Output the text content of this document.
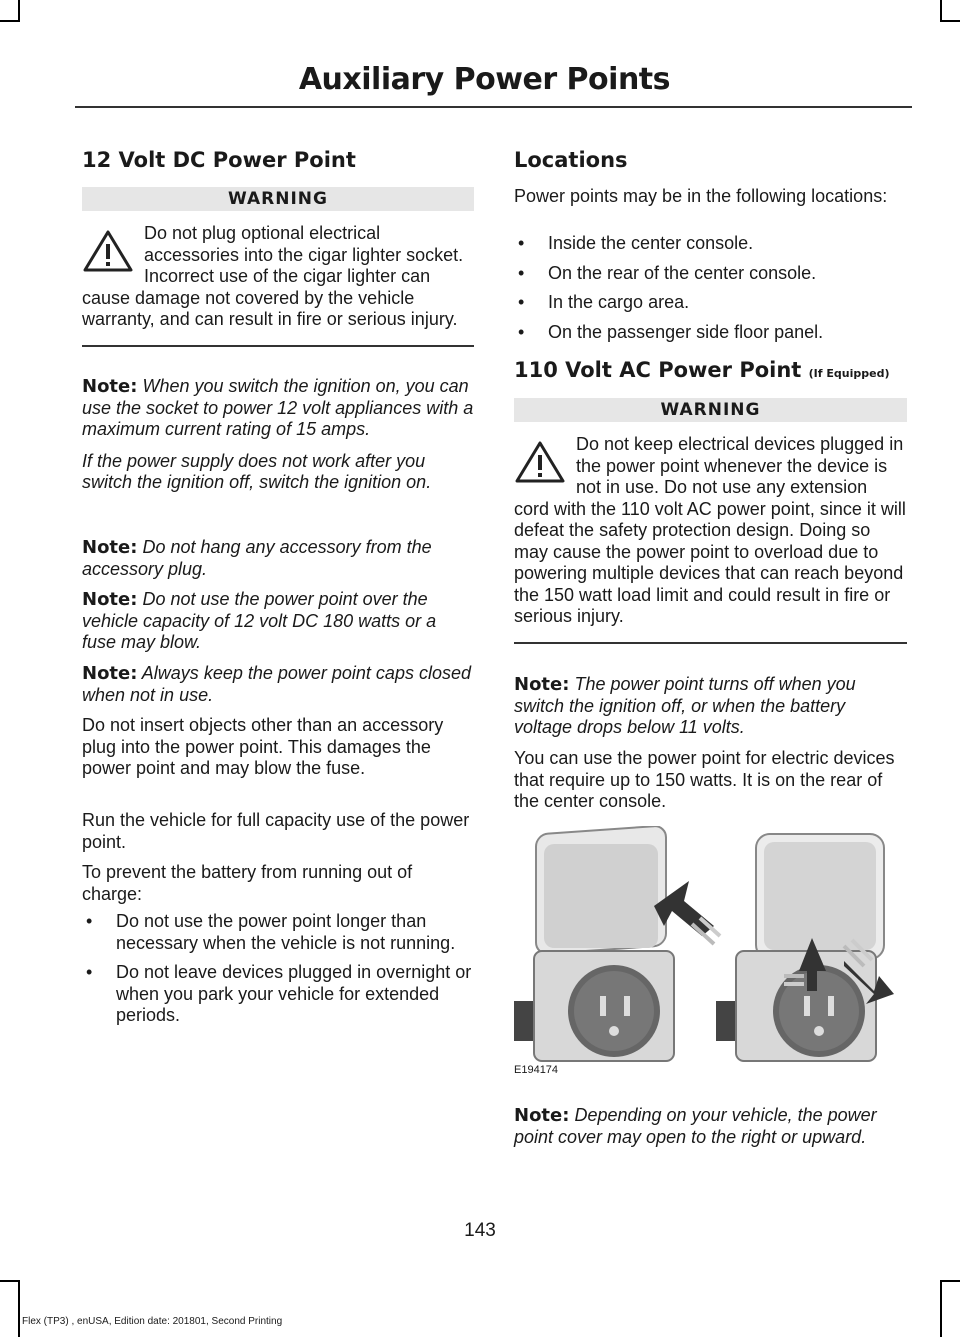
Auxiliary Power Points
12 Volt DC Power Point
WARNING
Do not plug optional electrical accessories into the cigar lighter socket. Incorrect use of the cigar lighter can cause damage not covered by the vehicle warranty, and can result in fire or serious injury.

Note: When you switch the ignition on, you can use the socket to power 12 volt appliances with a maximum current rating of 15 amps.

If the power supply does not work after you switch the ignition off, switch the ignition on.

Note: Do not hang any accessory from the accessory plug.

Note: Do not use the power point over the vehicle capacity of 12 volt DC 180 watts or a fuse may blow.

Note: Always keep the power point caps closed when not in use.

Do not insert objects other than an accessory plug into the power point. This damages the power point and may blow the fuse.

Run the vehicle for full capacity use of the power point.

To prevent the battery from running out of charge:

• Do not use the power point longer than necessary when the vehicle is not running.
• Do not leave devices plugged in overnight or when you park your vehicle for extended periods.
Locations

Power points may be in the following locations:

• Inside the center console.
• On the rear of the center console.
• In the cargo area.
• On the passenger side floor panel.
110 Volt AC Power Point (If Equipped)
WARNING
Do not keep electrical devices plugged in the power point whenever the device is not in use. Do not use any extension cord with the 110 volt AC power point, since it will defeat the safety protection design. Doing so may cause the power point to overload due to powering multiple devices that can reach beyond the 150 watt load limit and could result in fire or serious injury.

Note: The power point turns off when you switch the ignition off, or when the battery voltage drops below 11 volts.

You can use the power point for electric devices that require up to 150 watts. It is on the rear of the center console.

E194174

Note: Depending on your vehicle, the power point cover may open to the right or upward.

143
Flex (TP3) , enUSA, Edition date: 201801, Second Printing
